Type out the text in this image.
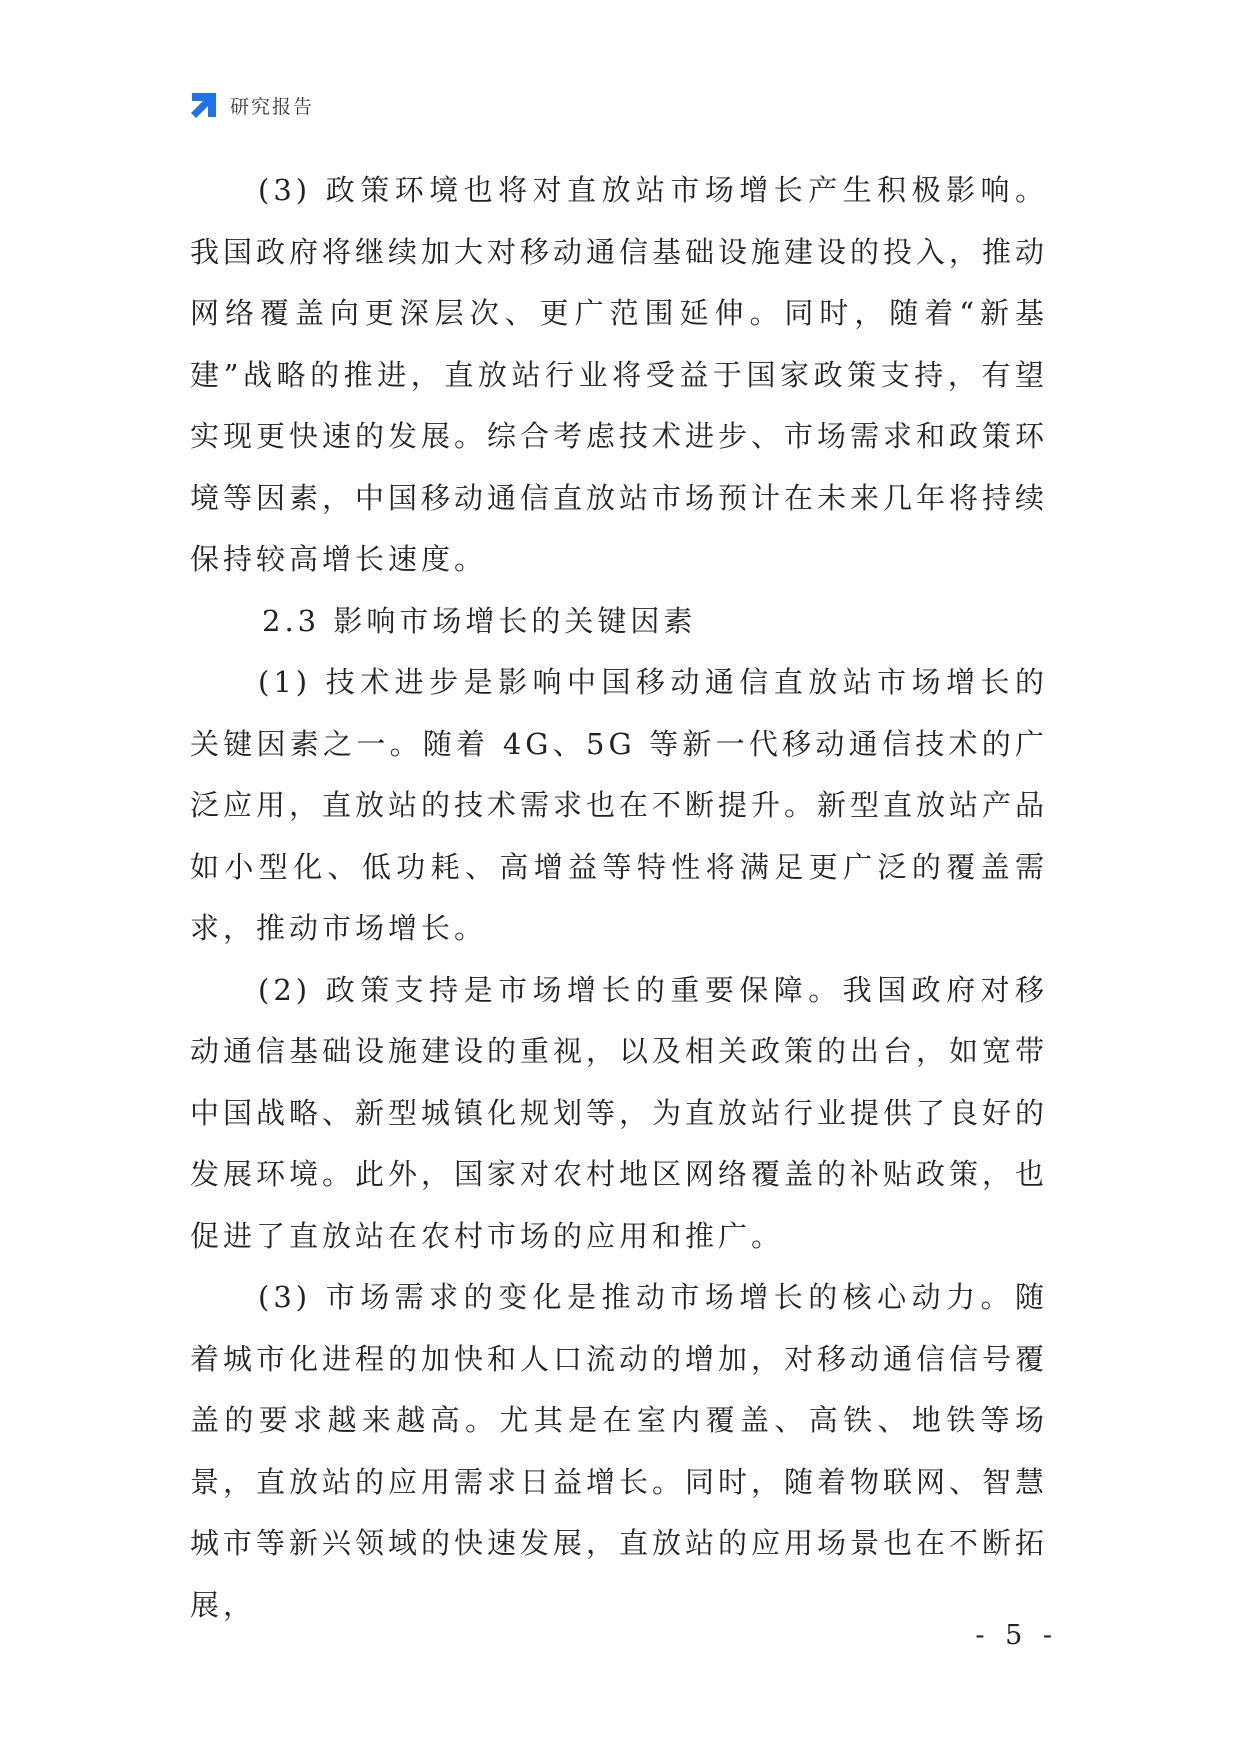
研究报告

(3) 政策环境也将对直放站市场增长产生积极影响。我国政府将继续加大对移动通信基础设施建设的投入，推动网络覆盖向更深层次、更广范围延伸。同时，随着“新基建”战略的推进，直放站行业将受益于国家政策支持，有望实现更快速的发展。综合考虑技术进步、市场需求和政策环境等因素，中国移动通信直放站市场预计在未来几年将持续保持较高增长速度。

2.3 影响市场增长的关键因素

(1) 技术进步是影响中国移动通信直放站市场增长的关键因素之一。随着 4G、5G 等新一代移动通信技术的广泛应用，直放站的技术需求也在不断提升。新型直放站产品如小型化、低功耗、高增益等特性将满足更广泛的覆盖需求，推动市场增长。

(2) 政策支持是市场增长的重要保障。我国政府对移动通信基础设施建设的重视，以及相关政策的出台，如宽带中国战略、新型城镇化规划等，为直放站行业提供了良好的发展环境。此外，国家对农村地区网络覆盖的补贴政策，也促进了直放站在农村市场的应用和推广。

(3) 市场需求的变化是推动市场增长的核心动力。随着城市化进程的加快和人口流动的增加，对移动通信信号覆盖的要求越来越高。尤其是在室内覆盖、高铁、地铁等场景，直放站的应用需求日益增长。同时，随着物联网、智慧城市等新兴领域的快速发展，直放站的应用场景也在不断拓展，

- 5 -
